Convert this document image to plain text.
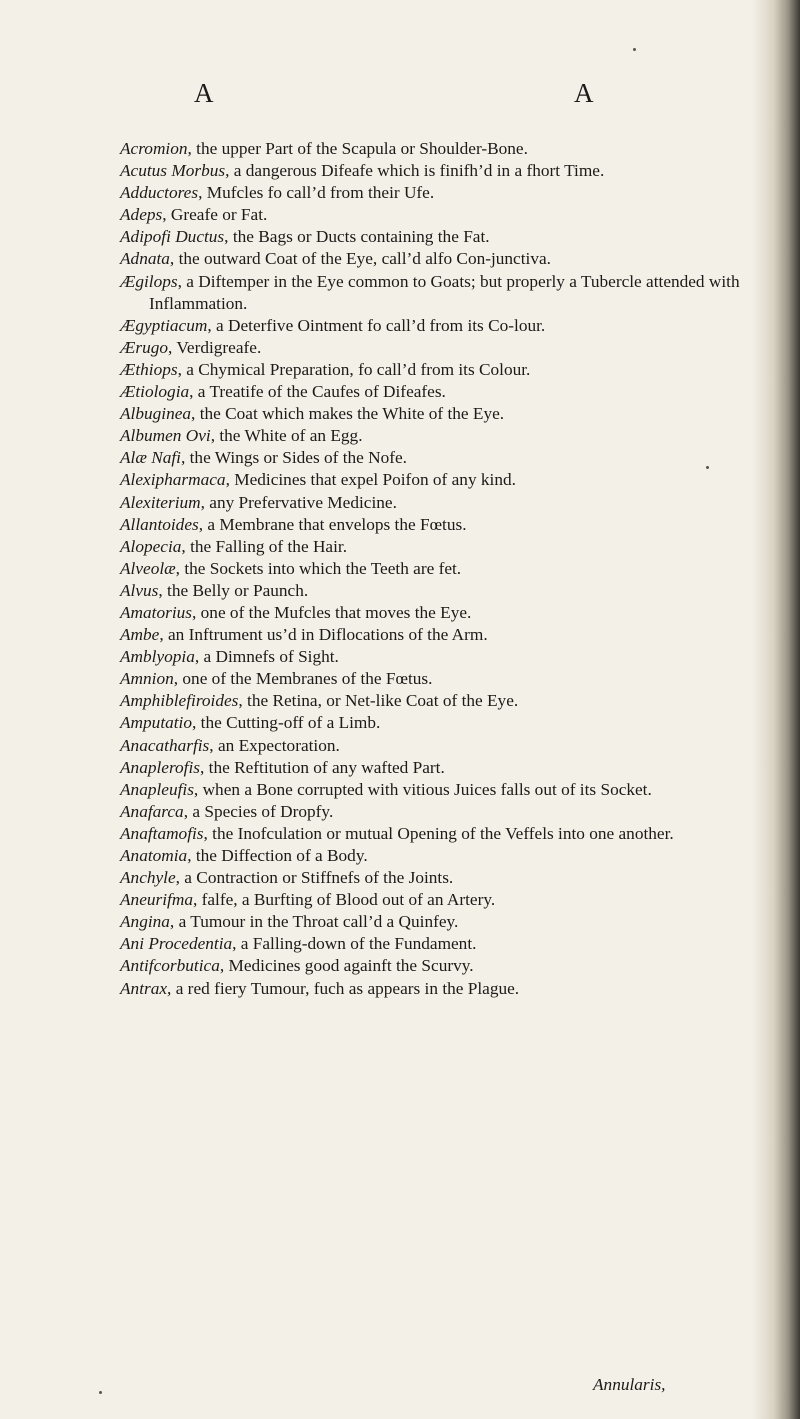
A	A

Acromion, the upper Part of the Scapula or Shoulder-Bone.

Acutus Morbus, a dangerous Difeafe which is finifh’d in a fhort Time.

Adductores, Mufcles fo call’d from their Ufe.

Adeps, Greafe or Fat.

Adipofi Ductus, the Bags or Ducts containing the Fat.

Adnata, the outward Coat of the Eye, call’d alfo Con-junctiva.

Ægilops, a Diftemper in the Eye common to Goats; but properly a Tubercle attended with Inflammation.

Ægyptiacum, a Deterfive Ointment fo call’d from its Co-lour.

Ærugo, Verdigreafe.

Æthiops, a Chymical Preparation, fo call’d from its Colour.

Ætiologia, a Treatife of the Caufes of Difeafes.

Albuginea, the Coat which makes the White of the Eye.

Albumen Ovi, the White of an Egg.

Alæ Nafi, the Wings or Sides of the Nofe.

Alexipharmaca, Medicines that expel Poifon of any kind.

Alexiterium, any Prefervative Medicine.

Allantoides, a Membrane that envelops the Fœtus.

Alopecia, the Falling of the Hair.

Alveolæ, the Sockets into which the Teeth are fet.

Alvus, the Belly or Paunch.

Amatorius, one of the Mufcles that moves the Eye.

Ambe, an Inftrument us’d in Diflocations of the Arm.

Amblyopia, a Dimnefs of Sight.

Amnion, one of the Membranes of the Fœtus.

Amphiblefiroides, the Retina, or Net-like Coat of the Eye.

Amputatio, the Cutting-off of a Limb.

Anacatharfis, an Expectoration.

Anaplerofis, the Reftitution of any wafted Part.

Anapleufis, when a Bone corrupted with vitious Juices falls out of its Socket.

Anafarca, a Species of Dropfy.

Anaftamofis, the Inofculation or mutual Opening of the Veffels into one another.

Anatomia, the Diffection of a Body.

Anchyle, a Contraction or Stiffnefs of the Joints.

Aneurifma, falfe, a Burfting of Blood out of an Artery.

Angina, a Tumour in the Throat call’d a Quinfey.

Ani Procedentia, a Falling-down of the Fundament.

Antifcorbutica, Medicines good againft the Scurvy.

Antrax, a red fiery Tumour, fuch as appears in the Plague.

Annularis,
